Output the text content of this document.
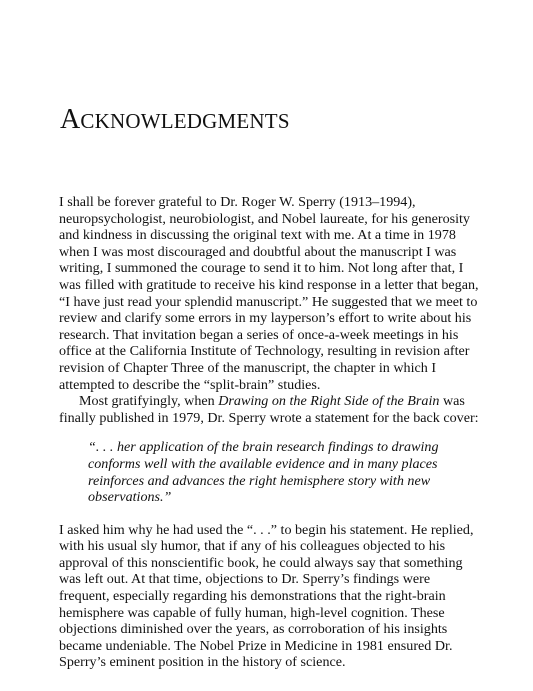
ACKNOWLEDGMENTS

I shall be forever grateful to Dr. Roger W. Sperry (1913–1994), neuropsychologist, neurobiologist, and Nobel laureate, for his generosity and kindness in discussing the original text with me. At a time in 1978 when I was most discouraged and doubtful about the manuscript I was writing, I summoned the courage to send it to him. Not long after that, I was filled with gratitude to receive his kind response in a letter that began, “I have just read your splendid manuscript.” He suggested that we meet to review and clarify some errors in my layperson’s effort to write about his research. That invitation began a series of once-a-week meetings in his office at the California Institute of Technology, resulting in revision after revision of Chapter Three of the manuscript, the chapter in which I attempted to describe the “split-brain” studies.

Most gratifyingly, when Drawing on the Right Side of the Brain was finally published in 1979, Dr. Sperry wrote a statement for the back cover:

“. . . her application of the brain research findings to drawing conforms well with the available evidence and in many places reinforces and advances the right hemisphere story with new observations.”

I asked him why he had used the “. . .” to begin his statement. He replied, with his usual sly humor, that if any of his colleagues objected to his approval of this nonscientific book, he could always say that something was left out. At that time, objections to Dr. Sperry’s findings were frequent, especially regarding his demonstrations that the right-brain hemisphere was capable of fully human, high-level cognition. These objections diminished over the years, as corroboration of his insights became undeniable. The Nobel Prize in Medicine in 1981 ensured Dr. Sperry’s eminent position in the history of science.
